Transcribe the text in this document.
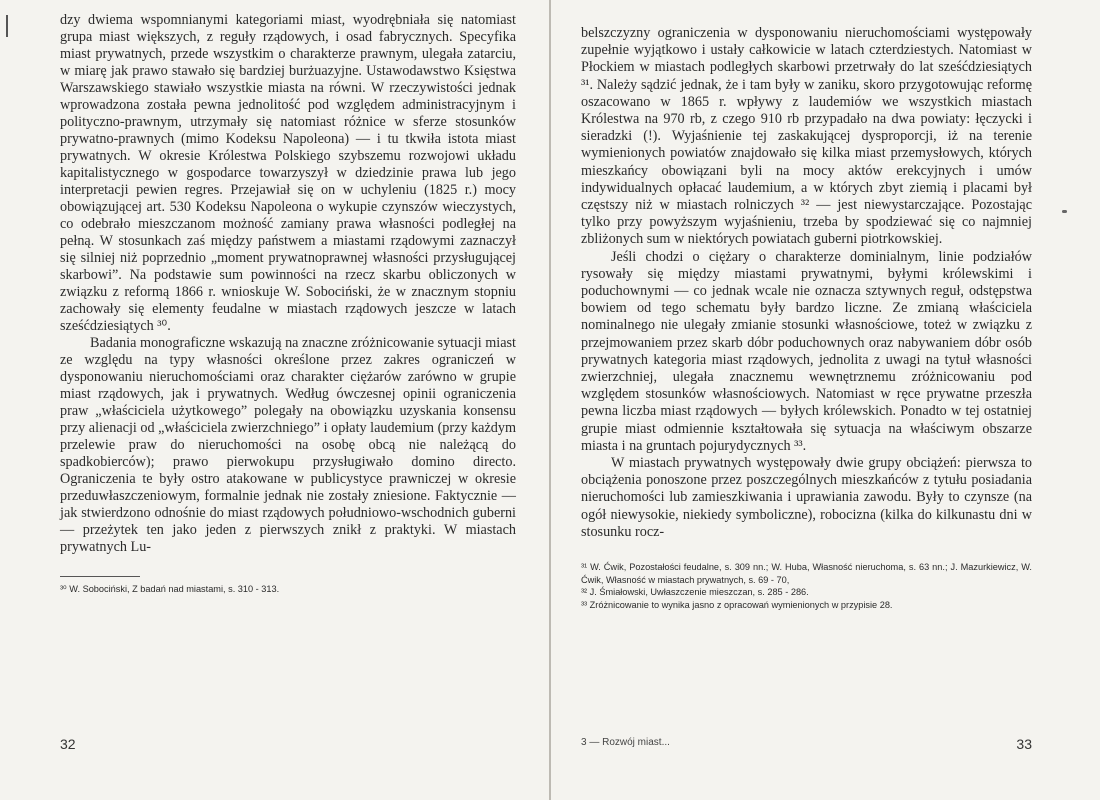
dzy dwiema wspomnianymi kategoriami miast, wyodrębniała się natomiast grupa miast większych, z reguły rządowych, i osad fabrycznych. Specyfika miast prywatnych, przede wszystkim o charakterze prawnym, ulegała zatarciu, w miarę jak prawo stawało się bardziej burżuazyjne. Ustawodawstwo Księstwa Warszawskiego stawiało wszystkie miasta na równi. W rzeczywistości jednak wprowadzona została pewna jednolitość pod względem administracyjnym i polityczno-prawnym, utrzymały się natomiast różnice w sferze stosunków prywatno-prawnych (mimo Kodeksu Napoleona) — i tu tkwiła istota miast prywatnych. W okresie Królestwa Polskiego szybszemu rozwojowi układu kapitalistycznego w gospodarce towarzyszył w dziedzinie prawa lub jego interpretacji pewien regres. Przejawiał się on w uchyleniu (1825 r.) mocy obowiązującej art. 530 Kodeksu Napoleona o wykupie czynszów wieczystych, co odebrało mieszczanom możność zamiany prawa własności podległej na pełną. W stosunkach zaś między państwem a miastami rządowymi zaznaczył się silniej niż poprzednio „moment prywatnoprawnej własności przysługującej skarbowi”. Na podstawie sum powinności na rzecz skarbu obliczonych w związku z reformą 1866 r. wnioskuje W. Sobociński, że w znacznym stopniu zachowały się elementy feudalne w miastach rządowych jeszcze w latach sześćdziesiątych ³⁰.

Badania monograficzne wskazują na znaczne zróżnicowanie sytuacji miast ze względu na typy własności określone przez zakres ograniczeń w dysponowaniu nieruchomościami oraz charakter ciężarów zarówno w grupie miast rządowych, jak i prywatnych. Według ówczesnej opinii ograniczenia praw „właściciela użytkowego” polegały na obowiązku uzyskania konsensu przy alienacji od „właściciela zwierzchniego” i opłaty laudemium (przy każdym przelewie praw do nieruchomości na osobę obcą nie należącą do spadkobierców); prawo pierwokupu przysługiwało domino directo. Ograniczenia te były ostro atakowane w publicystyce prawniczej w okresie przeduwłaszczeniowym, formalnie jednak nie zostały zniesione. Faktycznie — jak stwierdzono odnośnie do miast rządowych południowo-wschodnich guberni — przeżytek ten jako jeden z pierwszych znikł z praktyki. W miastach prywatnych Lu-

³⁰ W. Sobociński, Z badań nad miastami, s. 310 - 313.

32

belszczyzny ograniczenia w dysponowaniu nieruchomościami występowały zupełnie wyjątkowo i ustały całkowicie w latach czterdziestych. Natomiast w Płockiem w miastach podległych skarbowi przetrwały do lat sześćdziesiątych ³¹. Należy sądzić jednak, że i tam były w zaniku, skoro przygotowując reformę oszacowano w 1865 r. wpływy z laudemiów we wszystkich miastach Królestwa na 970 rb, z czego 910 rb przypadało na dwa powiaty: łęczycki i sieradzki (!). Wyjaśnienie tej zaskakującej dysproporcji, iż na terenie wymienionych powiatów znajdowało się kilka miast przemysłowych, których mieszkańcy obowiązani byli na mocy aktów erekcyjnych i umów indywidualnych opłacać laudemium, a w których zbyt ziemią i placami był częstszy niż w miastach rolniczych ³² — jest niewystarczające. Pozostając tylko przy powyższym wyjaśnieniu, trzeba by spodziewać się co najmniej zbliżonych sum w niektórych powiatach guberni piotrkowskiej.

Jeśli chodzi o ciężary o charakterze dominialnym, linie podziałów rysowały się między miastami prywatnymi, byłymi królewskimi i poduchownymi — co jednak wcale nie oznacza sztywnych reguł, odstępstwa bowiem od tego schematu były bardzo liczne. Ze zmianą właściciela nominalnego nie ulegały zmianie stosunki własnościowe, toteż w związku z przejmowaniem przez skarb dóbr poduchownych oraz nabywaniem dóbr osób prywatnych kategoria miast rządowych, jednolita z uwagi na tytuł własności zwierzchniej, ulegała znacznemu wewnętrznemu zróżnicowaniu pod względem stosunków własnościowych. Natomiast w ręce prywatne przeszła pewna liczba miast rządowych — byłych królewskich. Ponadto w tej ostatniej grupie miast odmiennie kształtowała się sytuacja na właściwym obszarze miasta i na gruntach pojurydycznych ³³.

W miastach prywatnych występowały dwie grupy obciążeń: pierwsza to obciążenia ponoszone przez poszczególnych mieszkańców z tytułu posiadania nieruchomości lub zamieszkiwania i uprawiania zawodu. Były to czynsze (na ogół niewysokie, niekiedy symboliczne), robocizna (kilka do kilkunastu dni w stosunku rocz-

³¹ W. Ćwik, Pozostałości feudalne, s. 309 nn.; W. Huba, Własność nieruchoma, s. 63 nn.; J. Mazurkiewicz, W. Ćwik, Własność w miastach prywatnych, s. 69 - 70,

³² J. Śmiałowski, Uwłaszczenie mieszczan, s. 285 - 286.

³³ Zróżnicowanie to wynika jasno z opracowań wymienionych w przypisie 28.

3 — Rozwój miast...	33
